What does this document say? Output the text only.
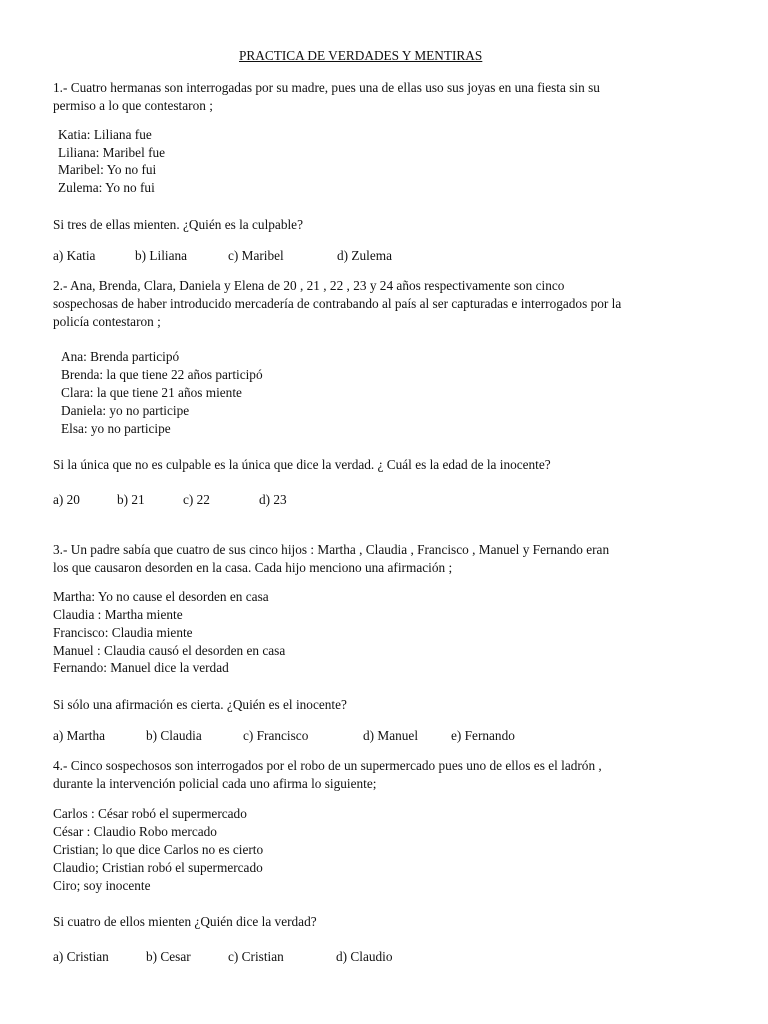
PRACTICA DE VERDADES Y MENTIRAS
1.- Cuatro hermanas son interrogadas por su madre, pues una de ellas uso sus joyas en una fiesta sin su
permiso a lo que contestaron ;
Katia: Liliana fue
Liliana: Maribel fue
Maribel: Yo no fui
Zulema: Yo no fui
Si tres de ellas mienten. ¿Quién es la culpable?
a) Katia	b) Liliana	c) Maribel	d) Zulema
2.- Ana, Brenda, Clara, Daniela y Elena de 20 , 21 , 22 , 23 y 24 años respectivamente son cinco
sospechosas de haber introducido mercadería de contrabando al país al ser capturadas e interrogados por la
policía contestaron ;
Ana: Brenda participó
Brenda: la que tiene 22 años participó
Clara: la que tiene 21 años miente
Daniela: yo no participe
Elsa: yo no participe
Si la única que no es culpable es la única que dice la verdad. ¿ Cuál es la edad de la inocente?
a) 20	b) 21	c) 22	d) 23
3.- Un padre sabía que cuatro de sus cinco hijos : Martha , Claudia , Francisco , Manuel y Fernando eran
los que causaron desorden en la casa. Cada hijo menciono una afirmación ;
Martha: Yo no cause el desorden en casa
Claudia : Martha miente
Francisco: Claudia miente
Manuel : Claudia causó el desorden en casa
Fernando: Manuel dice la verdad
Si sólo una afirmación es cierta. ¿Quién es el inocente?
a) Martha	b) Claudia	c) Francisco	d) Manuel e) Fernando
4.- Cinco sospechosos son interrogados por el robo de un supermercado pues uno de ellos es el ladrón ,
durante la intervención policial cada uno afirma lo siguiente;
Carlos : César robó el supermercado
César : Claudio Robo mercado
Cristian; lo que dice Carlos no es cierto
Claudio; Cristian robó el supermercado
Ciro; soy inocente
Si cuatro de ellos mienten ¿Quién dice la verdad?
a) Cristian	b) Cesar	c) Cristian	d) Claudio
